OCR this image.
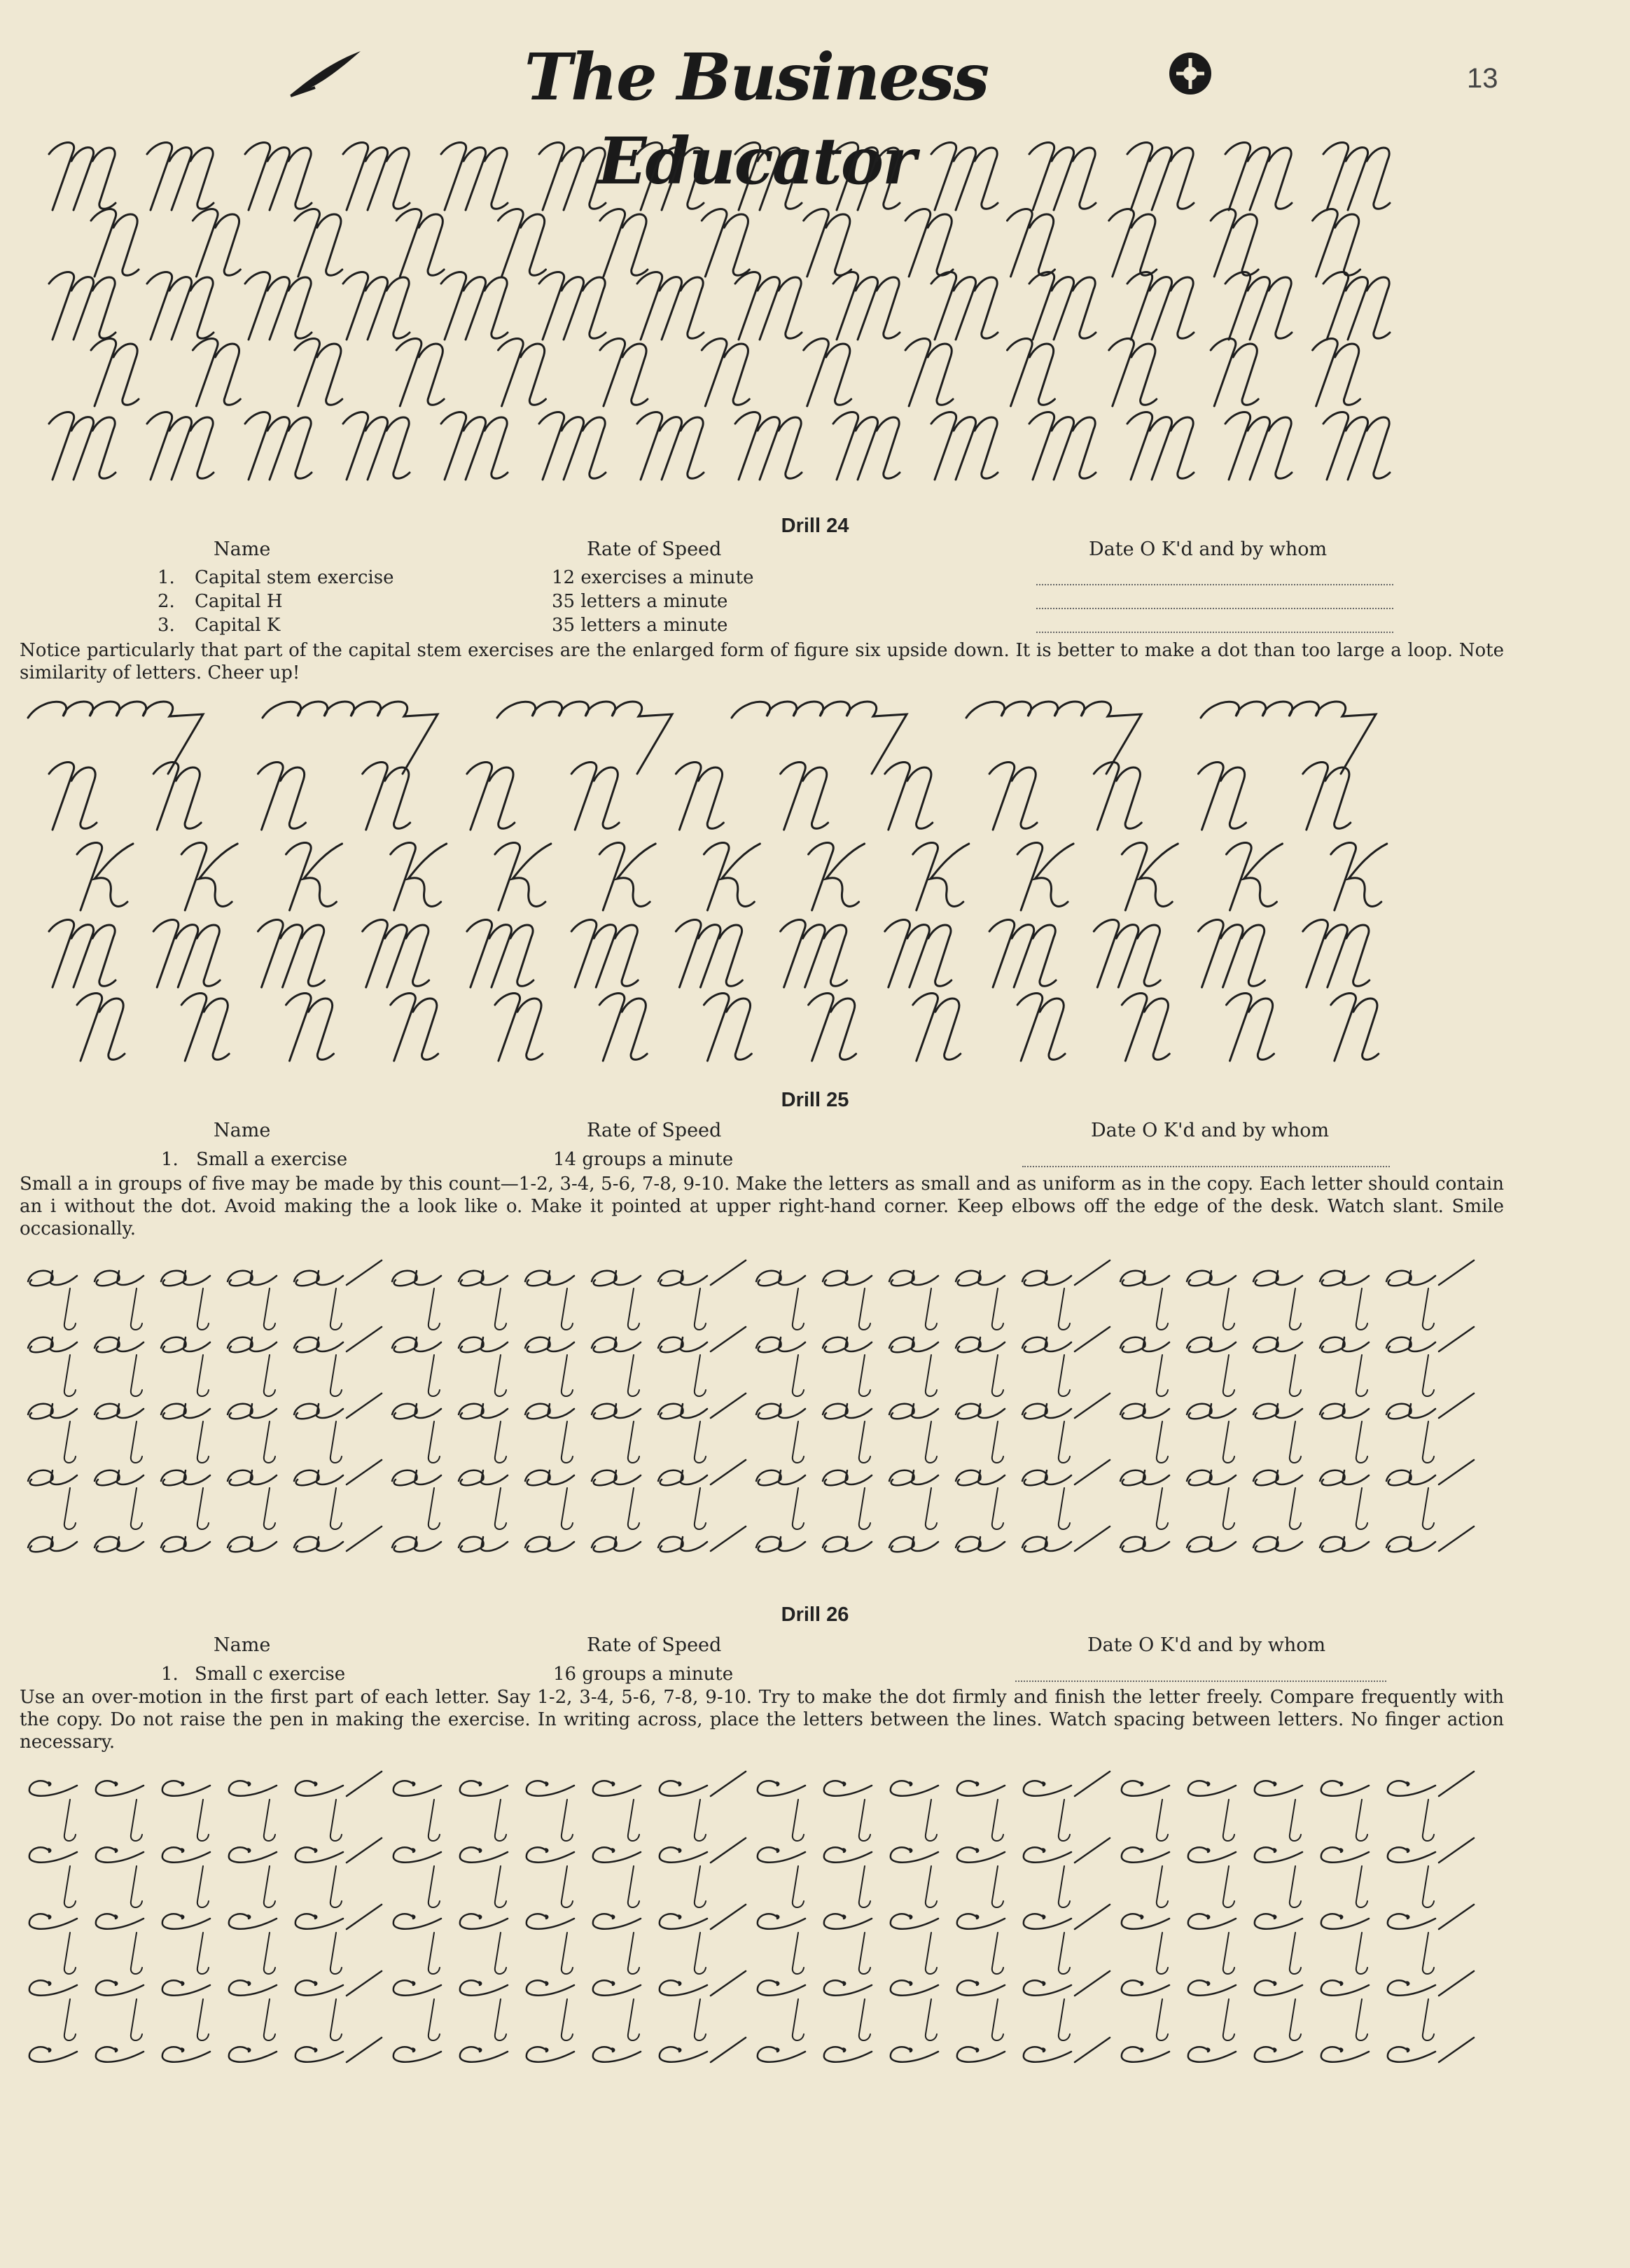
The Business Educator
13
Drill 24
Name	Rate of Speed	Date O K'd and by whom
1. Capital stem exercise	12 exercises a minute
2. Capital H	35 letters a minute
3. Capital K	35 letters a minute
Notice particularly that part of the capital stem exercises are the enlarged form of figure six upside down. It is better to make a dot than too large a loop. Note similarity of letters. Cheer up!
Drill 25
Name	Rate of Speed	Date O K'd and by whom
1. Small a exercise	14 groups a minute
Small a in groups of five may be made by this count—1-2, 3-4, 5-6, 7-8, 9-10. Make the letters as small and as uniform as in the copy. Each letter should contain an i without the dot. Avoid making the a look like o. Make it pointed at upper right-hand corner. Keep elbows off the edge of the desk. Watch slant. Smile occasionally.
Drill 26
Name	Rate of Speed	Date O K'd and by whom
1. Small c exercise	16 groups a minute
Use an over-motion in the first part of each letter. Say 1-2, 3-4, 5-6, 7-8, 9-10. Try to make the dot firmly and finish the letter freely. Compare frequently with the copy. Do not raise the pen in making the exercise. In writing across, place the letters between the lines. Watch spacing between letters. No finger action necessary.
